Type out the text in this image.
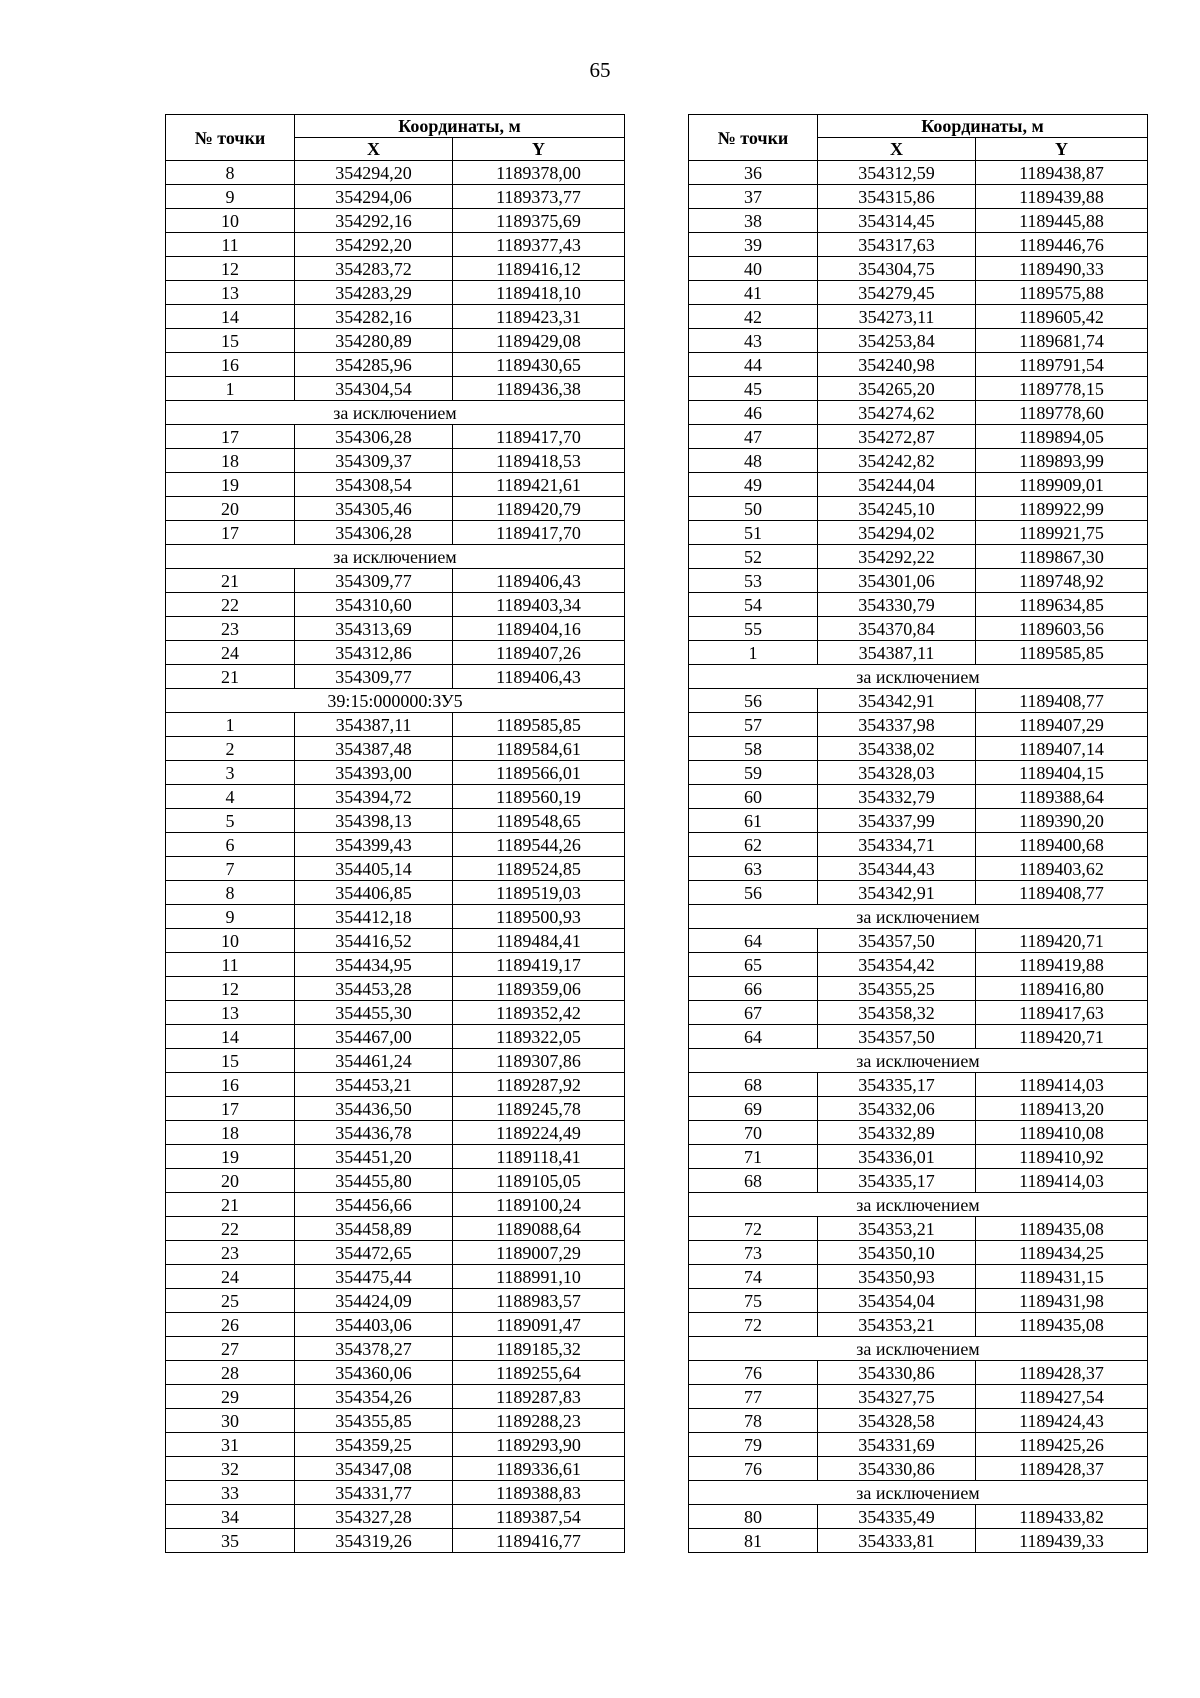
65
№ точки	Координаты, м	
	X	Y
8	354294,20	1189378,00
9	354294,06	1189373,77
10	354292,16	1189375,69
11	354292,20	1189377,43
12	354283,72	1189416,12
13	354283,29	1189418,10
14	354282,16	1189423,31
15	354280,89	1189429,08
16	354285,96	1189430,65
1	354304,54	1189436,38
за исключением		
17	354306,28	1189417,70
18	354309,37	1189418,53
19	354308,54	1189421,61
20	354305,46	1189420,79
17	354306,28	1189417,70
за исключением		
21	354309,77	1189406,43
22	354310,60	1189403,34
23	354313,69	1189404,16
24	354312,86	1189407,26
21	354309,77	1189406,43
39:15:000000:ЗУ5		
1	354387,11	1189585,85
2	354387,48	1189584,61
3	354393,00	1189566,01
4	354394,72	1189560,19
5	354398,13	1189548,65
6	354399,43	1189544,26
7	354405,14	1189524,85
8	354406,85	1189519,03
9	354412,18	1189500,93
10	354416,52	1189484,41
11	354434,95	1189419,17
12	354453,28	1189359,06
13	354455,30	1189352,42
14	354467,00	1189322,05
15	354461,24	1189307,86
16	354453,21	1189287,92
17	354436,50	1189245,78
18	354436,78	1189224,49
19	354451,20	1189118,41
20	354455,80	1189105,05
21	354456,66	1189100,24
22	354458,89	1189088,64
23	354472,65	1189007,29
24	354475,44	1188991,10
25	354424,09	1188983,57
26	354403,06	1189091,47
27	354378,27	1189185,32
28	354360,06	1189255,64
29	354354,26	1189287,83
30	354355,85	1189288,23
31	354359,25	1189293,90
32	354347,08	1189336,61
33	354331,77	1189388,83
34	354327,28	1189387,54
35	354319,26	1189416,77
№ точки	Координаты, м	
	X	Y
36	354312,59	1189438,87
37	354315,86	1189439,88
38	354314,45	1189445,88
39	354317,63	1189446,76
40	354304,75	1189490,33
41	354279,45	1189575,88
42	354273,11	1189605,42
43	354253,84	1189681,74
44	354240,98	1189791,54
45	354265,20	1189778,15
46	354274,62	1189778,60
47	354272,87	1189894,05
48	354242,82	1189893,99
49	354244,04	1189909,01
50	354245,10	1189922,99
51	354294,02	1189921,75
52	354292,22	1189867,30
53	354301,06	1189748,92
54	354330,79	1189634,85
55	354370,84	1189603,56
1	354387,11	1189585,85
за исключением		
56	354342,91	1189408,77
57	354337,98	1189407,29
58	354338,02	1189407,14
59	354328,03	1189404,15
60	354332,79	1189388,64
61	354337,99	1189390,20
62	354334,71	1189400,68
63	354344,43	1189403,62
56	354342,91	1189408,77
за исключением		
64	354357,50	1189420,71
65	354354,42	1189419,88
66	354355,25	1189416,80
67	354358,32	1189417,63
64	354357,50	1189420,71
за исключением		
68	354335,17	1189414,03
69	354332,06	1189413,20
70	354332,89	1189410,08
71	354336,01	1189410,92
68	354335,17	1189414,03
за исключением		
72	354353,21	1189435,08
73	354350,10	1189434,25
74	354350,93	1189431,15
75	354354,04	1189431,98
72	354353,21	1189435,08
за исключением		
76	354330,86	1189428,37
77	354327,75	1189427,54
78	354328,58	1189424,43
79	354331,69	1189425,26
76	354330,86	1189428,37
за исключением		
80	354335,49	1189433,82
81	354333,81	1189439,33
